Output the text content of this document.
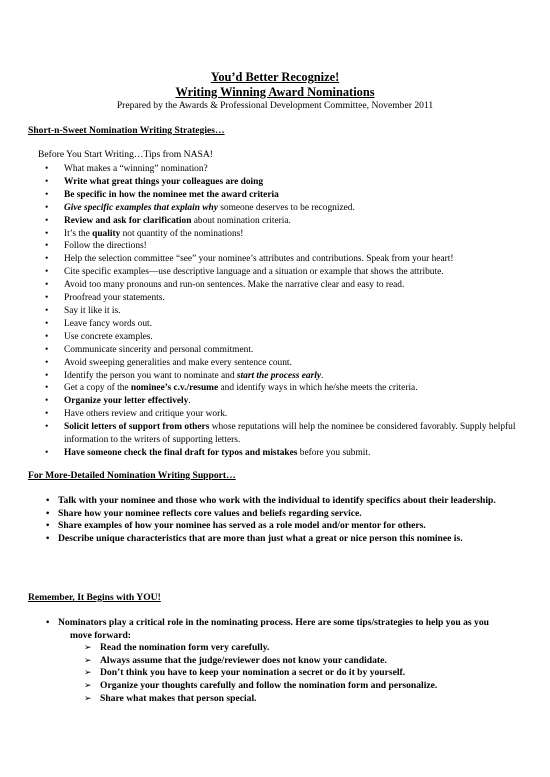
You’d Better Recognize!
Writing Winning Award Nominations
Prepared by the Awards & Professional Development Committee, November 2011
Short-n-Sweet Nomination Writing Strategies…
Before You Start Writing…Tips from NASA!
• What makes a “winning” nomination?
• Write what great things your colleagues are doing
• Be specific in how the nominee met the award criteria
• Give specific examples that explain why someone deserves to be recognized.
• Review and ask for clarification about nomination criteria.
• It’s the quality not quantity of the nominations!
• Follow the directions!
• Help the selection committee “see” your nominee’s attributes and contributions. Speak from your heart!
• Cite specific examples—use descriptive language and a situation or example that shows the attribute.
• Avoid too many pronouns and run-on sentences. Make the narrative clear and easy to read.
• Proofread your statements.
• Say it like it is.
• Leave fancy words out.
• Use concrete examples.
• Communicate sincerity and personal commitment.
• Avoid sweeping generalities and make every sentence count.
• Identify the person you want to nominate and start the process early.
• Get a copy of the nominee’s c.v./resume and identify ways in which he/she meets the criteria.
• Organize your letter effectively.
• Have others review and critique your work.
• Solicit letters of support from others whose reputations will help the nominee be considered favorably. Supply helpful information to the writers of supporting letters.
• Have someone check the final draft for typos and mistakes before you submit.
For More-Detailed Nomination Writing Support…
• Talk with your nominee and those who work with the individual to identify specifics about their leadership.
• Share how your nominee reflects core values and beliefs regarding service.
• Share examples of how your nominee has served as a role model and/or mentor for others.
• Describe unique characteristics that are more than just what a great or nice person this nominee is.
Remember, It Begins with YOU!
• Nominators play a critical role in the nominating process. Here are some tips/strategies to help you as you move forward:
➢ Read the nomination form very carefully.
➢ Always assume that the judge/reviewer does not know your candidate.
➢ Don’t think you have to keep your nomination a secret or do it by yourself.
➢ Organize your thoughts carefully and follow the nomination form and personalize.
➢ Share what makes that person special.
